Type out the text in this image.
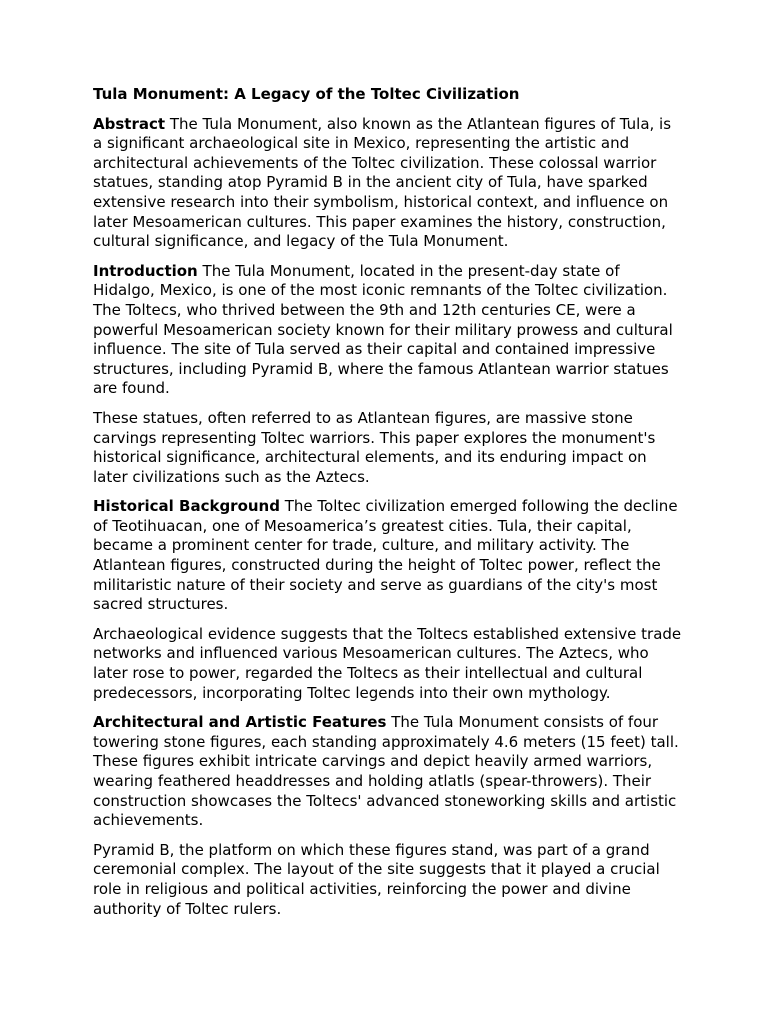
Tula Monument: A Legacy of the Toltec Civilization

Abstract The Tula Monument, also known as the Atlantean figures of Tula, is a significant archaeological site in Mexico, representing the artistic and architectural achievements of the Toltec civilization. These colossal warrior statues, standing atop Pyramid B in the ancient city of Tula, have sparked extensive research into their symbolism, historical context, and influence on later Mesoamerican cultures. This paper examines the history, construction, cultural significance, and legacy of the Tula Monument.

Introduction The Tula Monument, located in the present-day state of Hidalgo, Mexico, is one of the most iconic remnants of the Toltec civilization. The Toltecs, who thrived between the 9th and 12th centuries CE, were a powerful Mesoamerican society known for their military prowess and cultural influence. The site of Tula served as their capital and contained impressive structures, including Pyramid B, where the famous Atlantean warrior statues are found.

These statues, often referred to as Atlantean figures, are massive stone carvings representing Toltec warriors. This paper explores the monument's historical significance, architectural elements, and its enduring impact on later civilizations such as the Aztecs.

Historical Background The Toltec civilization emerged following the decline of Teotihuacan, one of Mesoamerica’s greatest cities. Tula, their capital, became a prominent center for trade, culture, and military activity. The Atlantean figures, constructed during the height of Toltec power, reflect the militaristic nature of their society and serve as guardians of the city's most sacred structures.

Archaeological evidence suggests that the Toltecs established extensive trade networks and influenced various Mesoamerican cultures. The Aztecs, who later rose to power, regarded the Toltecs as their intellectual and cultural predecessors, incorporating Toltec legends into their own mythology.

Architectural and Artistic Features The Tula Monument consists of four towering stone figures, each standing approximately 4.6 meters (15 feet) tall. These figures exhibit intricate carvings and depict heavily armed warriors, wearing feathered headdresses and holding atlatls (spear-throwers). Their construction showcases the Toltecs' advanced stoneworking skills and artistic achievements.

Pyramid B, the platform on which these figures stand, was part of a grand ceremonial complex. The layout of the site suggests that it played a crucial role in religious and political activities, reinforcing the power and divine authority of Toltec rulers.
